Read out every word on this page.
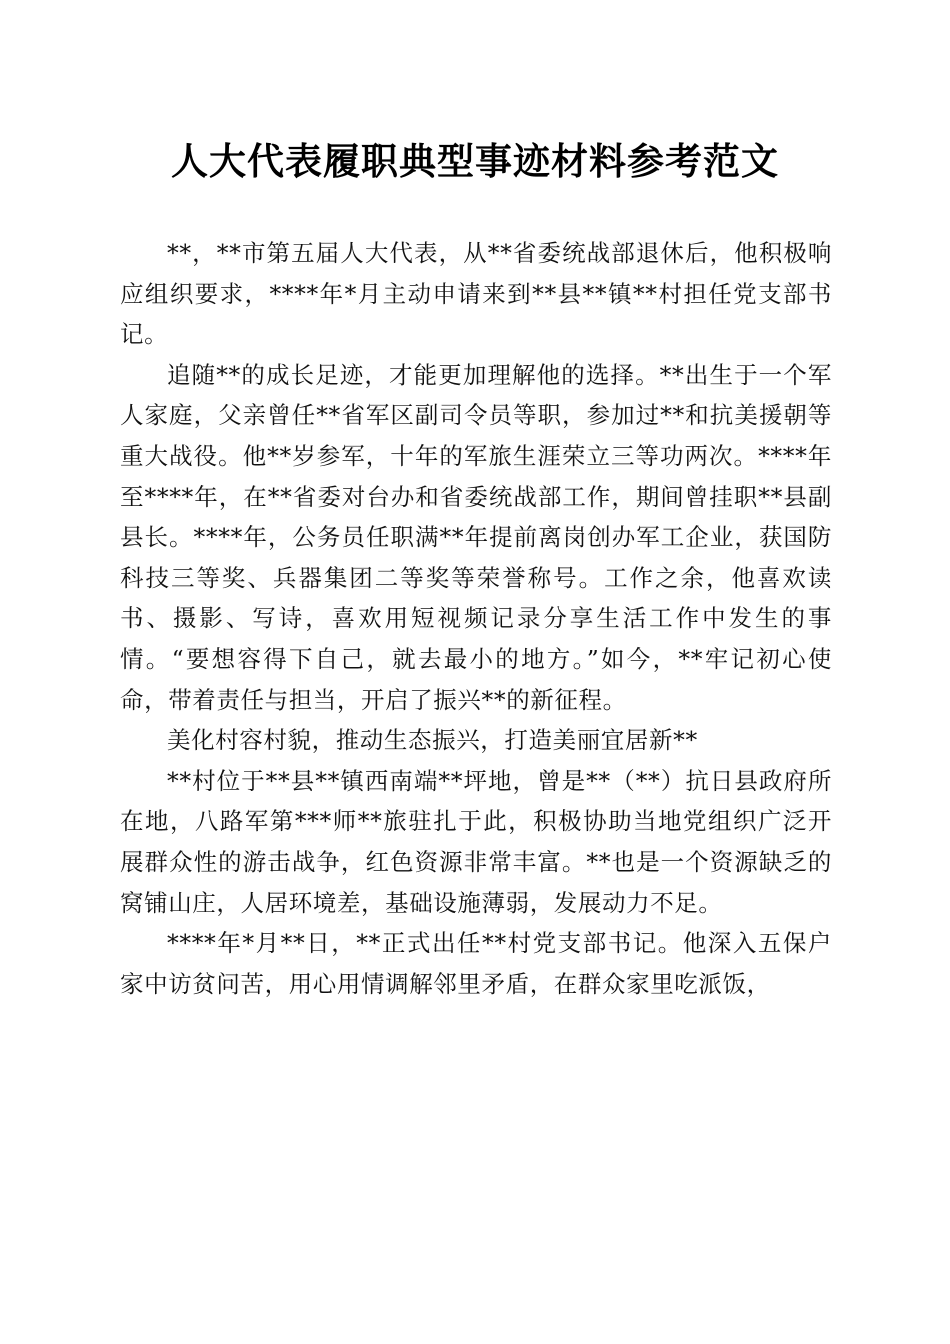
人大代表履职典型事迹材料参考范文

**，**市第五届人大代表，从**省委统战部退休后，他积极响应组织要求，****年*月主动申请来到**县**镇**村担任党支部书记。

追随**的成长足迹，才能更加理解他的选择。**出生于一个军人家庭，父亲曾任**省军区副司令员等职，参加过**和抗美援朝等重大战役。他**岁参军，十年的军旅生涯荣立三等功两次。****年至****年，在**省委对台办和省委统战部工作，期间曾挂职**县副县长。****年，公务员任职满**年提前离岗创办军工企业，获国防科技三等奖、兵器集团二等奖等荣誉称号。工作之余，他喜欢读书、摄影、写诗，喜欢用短视频记录分享生活工作中发生的事情。“要想容得下自己，就去最小的地方。”如今，**牢记初心使命，带着责任与担当，开启了振兴**的新征程。

美化村容村貌，推动生态振兴，打造美丽宜居新**

**村位于**县**镇西南端**坪地，曾是**（**）抗日县政府所在地，八路军第***师**旅驻扎于此，积极协助当地党组织广泛开展群众性的游击战争，红色资源非常丰富。**也是一个资源缺乏的窝铺山庄，人居环境差，基础设施薄弱，发展动力不足。

****年*月**日，**正式出任**村党支部书记。他深入五保户家中访贫问苦，用心用情调解邻里矛盾，在群众家里吃派饭，
